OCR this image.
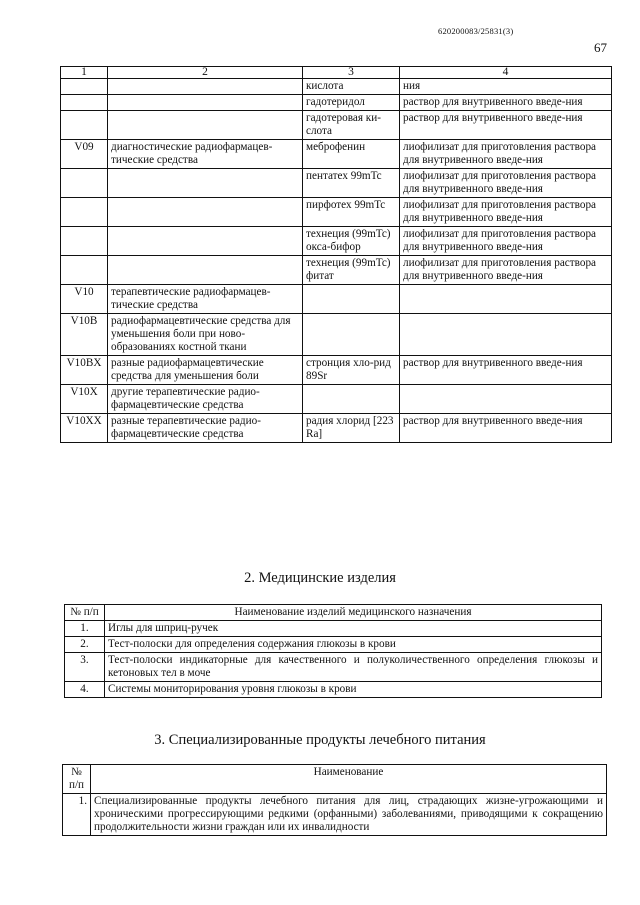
620200083/25831(3)
67
1	2	3	4
		кислота	ния
		гадотеридол	раствор для внутривенного введе-ния
		гадотеровая ки-слота	раствор для внутривенного введе-ния
V09	диагностические радиофармацев-тические средства	меброфенин	лиофилизат для приготовления раствора для внутривенного введе-ния
		пентатех 99mTc	лиофилизат для приготовления раствора для внутривенного введе-ния
		пирфотех 99mTc	лиофилизат для приготовления раствора для внутривенного введе-ния
		технеция (99mTc) окса-бифор	лиофилизат для приготовления раствора для внутривенного введе-ния
		технеция (99mTc) фитат	лиофилизат для приготовления раствора для внутривенного введе-ния
V10	терапевтические радиофармацев-тические средства		
V10B	радиофармацевтические средства для уменьшения боли при ново-образованиях костной ткани		
V10BX	разные радиофармацевтические средства для уменьшения боли	стронция хло-рид 89Sr	раствор для внутривенного введе-ния
V10X	другие терапевтические радио-фармацевтические средства		
V10XX	разные терапевтические радио-фармацевтические средства	радия хлорид [223 Ra]	раствор для внутривенного введе-ния
2. Медицинские изделия
№ п/п	Наименование изделий медицинского назначения
1.	Иглы для шприц-ручек
2.	Тест-полоски для определения содержания глюкозы в крови
3.	Тест-полоски индикаторные для качественного и полуколичественного определения глюкозы и кетоновых тел в моче
4.	Системы мониторирования уровня глюкозы в крови
3. Специализированные продукты лечебного питания
№ п/п	Наименование
1.	Специализированные продукты лечебного питания для лиц, страдающих жизне-угрожающими и хроническими прогрессирующими редкими (орфанными) заболеваниями, приводящими к сокращению продолжительности жизни граждан или их инвалидности
